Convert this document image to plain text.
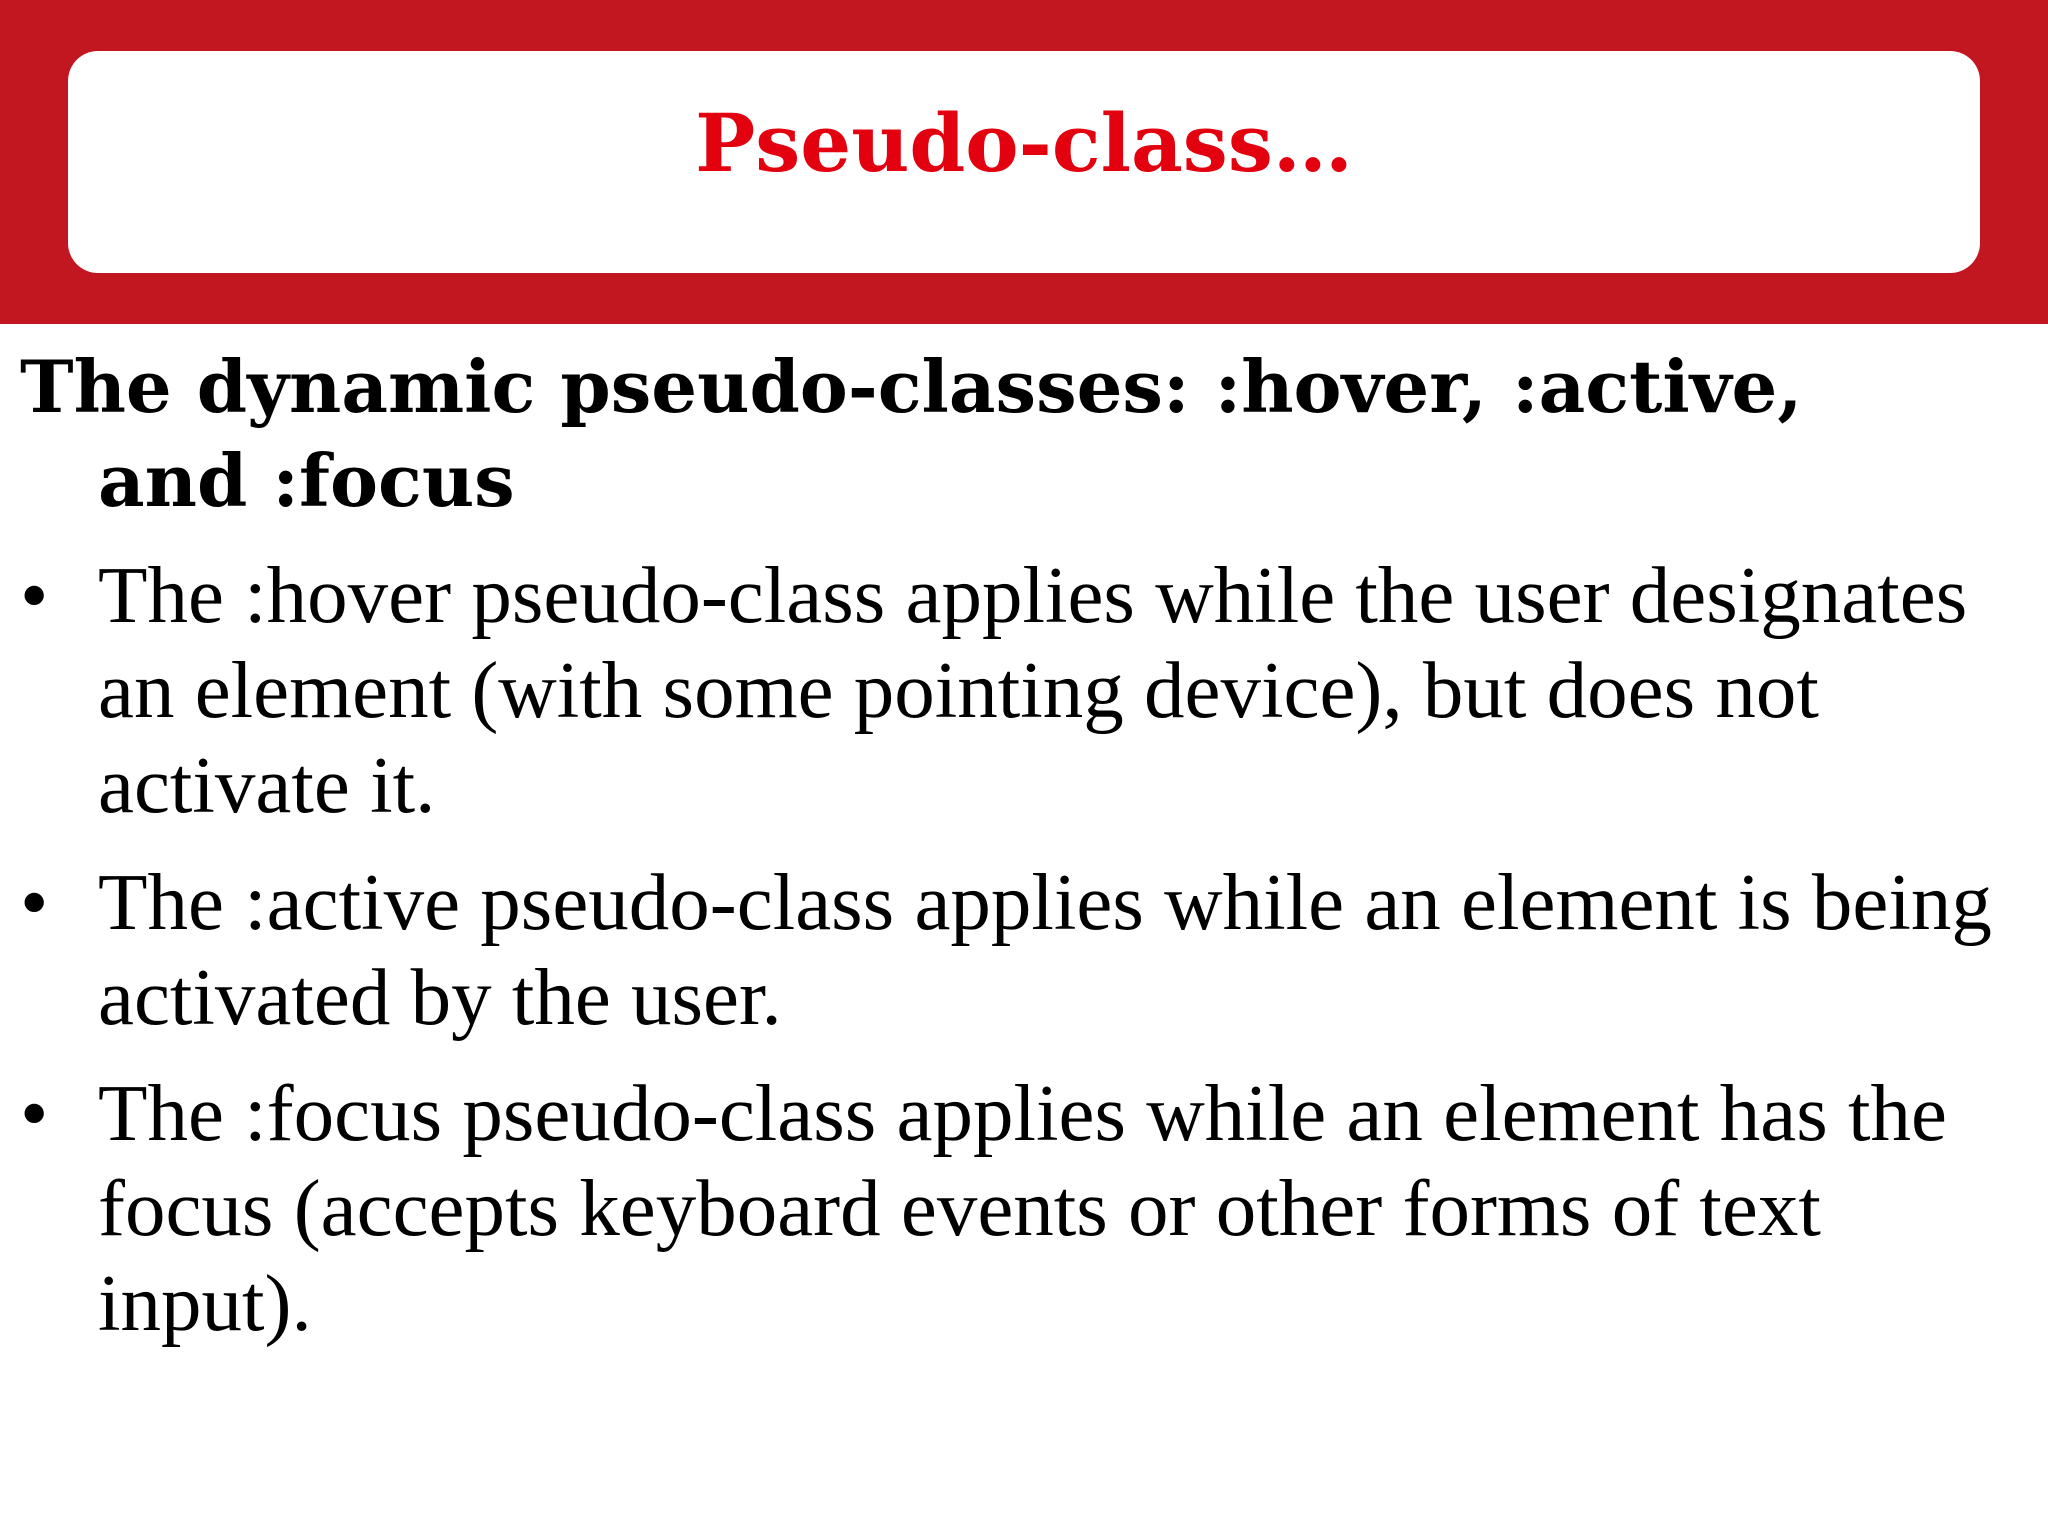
Pseudo-class…
The dynamic pseudo-classes: :hover, :active,
and :focus
• The :hover pseudo-class applies while the user designates an element (with some pointing device), but does not activate it.
• The :active pseudo-class applies while an element is being activated by the user.
• The :focus pseudo-class applies while an element has the focus (accepts keyboard events or other forms of text input).
